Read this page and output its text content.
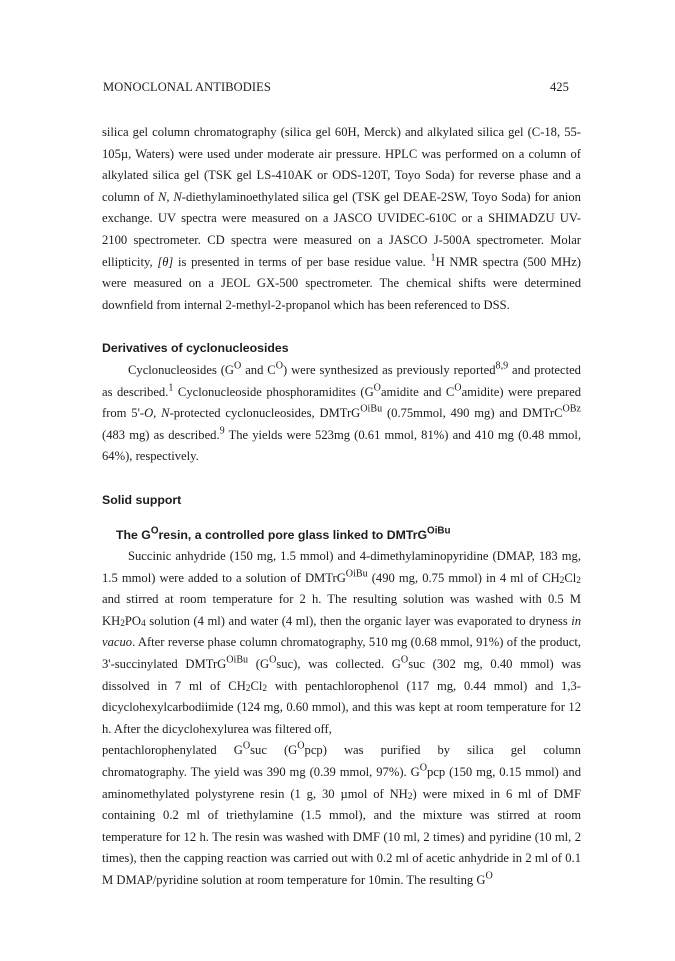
MONOCLONAL ANTIBODIES	425

silica gel column chromatography (silica gel 60H, Merck) and alkylated silica gel (C-18, 55-105µ, Waters) were used under moderate air pressure. HPLC was performed on a column of alkylated silica gel (TSK gel LS-410AK or ODS-120T, Toyo Soda) for reverse phase and a column of N, N-diethylaminoethylated silica gel (TSK gel DEAE-2SW, Toyo Soda) for anion exchange. UV spectra were measured on a JASCO UVIDEC-610C or a SHIMADZU UV-2100 spectrometer. CD spectra were measured on a JASCO J-500A spectrometer. Molar ellipticity, [θ] is presented in terms of per base residue value. $^1$H NMR spectra (500 MHz) were measured on a JEOL GX-500 spectrometer. The chemical shifts were determined downfield from internal 2-methyl-2-propanol which has been referenced to DSS.

Derivatives of cyclonucleosides

Cyclonucleosides ($G^O$ and $C^O$) were synthesized as previously reported$^{8,9}$ and protected as described.$^1$ Cyclonucleoside phosphoramidites ($G^Oamidite$ and $C^Oamidite$) were prepared from 5'-O, N-protected cyclonucleosides, DMTrG$^{OiBu}$ (0.75mmol, 490 mg) and DMTrC$^{OBz}$ (483 mg) as described.$^9$ The yields were 523mg (0.61 mmol, 81%) and 410 mg (0.48 mmol, 64%), respectively.

Solid support

The $G^Oresin$, a controlled pore glass linked to DMTrG$^{OiBu}$

Succinic anhydride (150 mg, 1.5 mmol) and 4-dimethylaminopyridine (DMAP, 183 mg, 1.5 mmol) were added to a solution of DMTrG$^{OiBu}$ (490 mg, 0.75 mmol) in 4 ml of $CH_2Cl_2$ and stirred at room temperature for 2 h. The resulting solution was washed with 0.5 M $KH_2PO_4$ solution (4 ml) and water (4 ml), then the organic layer was evaporated to dryness in vacuo. After reverse phase column chromatography, 510 mg (0.68 mmol, 91%) of the product, 3'-succinylated DMTrG$^{OiBu}$ $(G^Osuc)$, was collected. $G^Osuc$ (302 mg, 0.40 mmol) was dissolved in 7 ml of $CH_2Cl_2$ with pentachlorophenol (117 mg, 0.44 mmol) and 1,3-dicyclohexylcarbodiimide (124 mg, 0.60 mmol), and this was kept at room temperature for 12 h. After the dicyclohexylurea was filtered off,

pentachlorophenylated $G^Osuc$ $(G^Opcp)$ was purified by silica gel column

chromatography. The yield was 390 mg (0.39 mmol, 97%). $G^Opcp$ (150 mg, 0.15 mmol) and aminomethylated polystyrene resin (1 g, 30 µmol of $NH_2$) were mixed in 6 ml of DMF containing 0.2 ml of triethylamine (1.5 mmol), and the mixture was stirred at room temperature for 12 h. The resin was washed with DMF (10 ml, 2 times) and pyridine (10 ml, 2 times), then the capping reaction was carried out with 0.2 ml of acetic anhydride in 2 ml of 0.1 M DMAP/pyridine solution at room temperature for 10min. The resulting $G^O$
